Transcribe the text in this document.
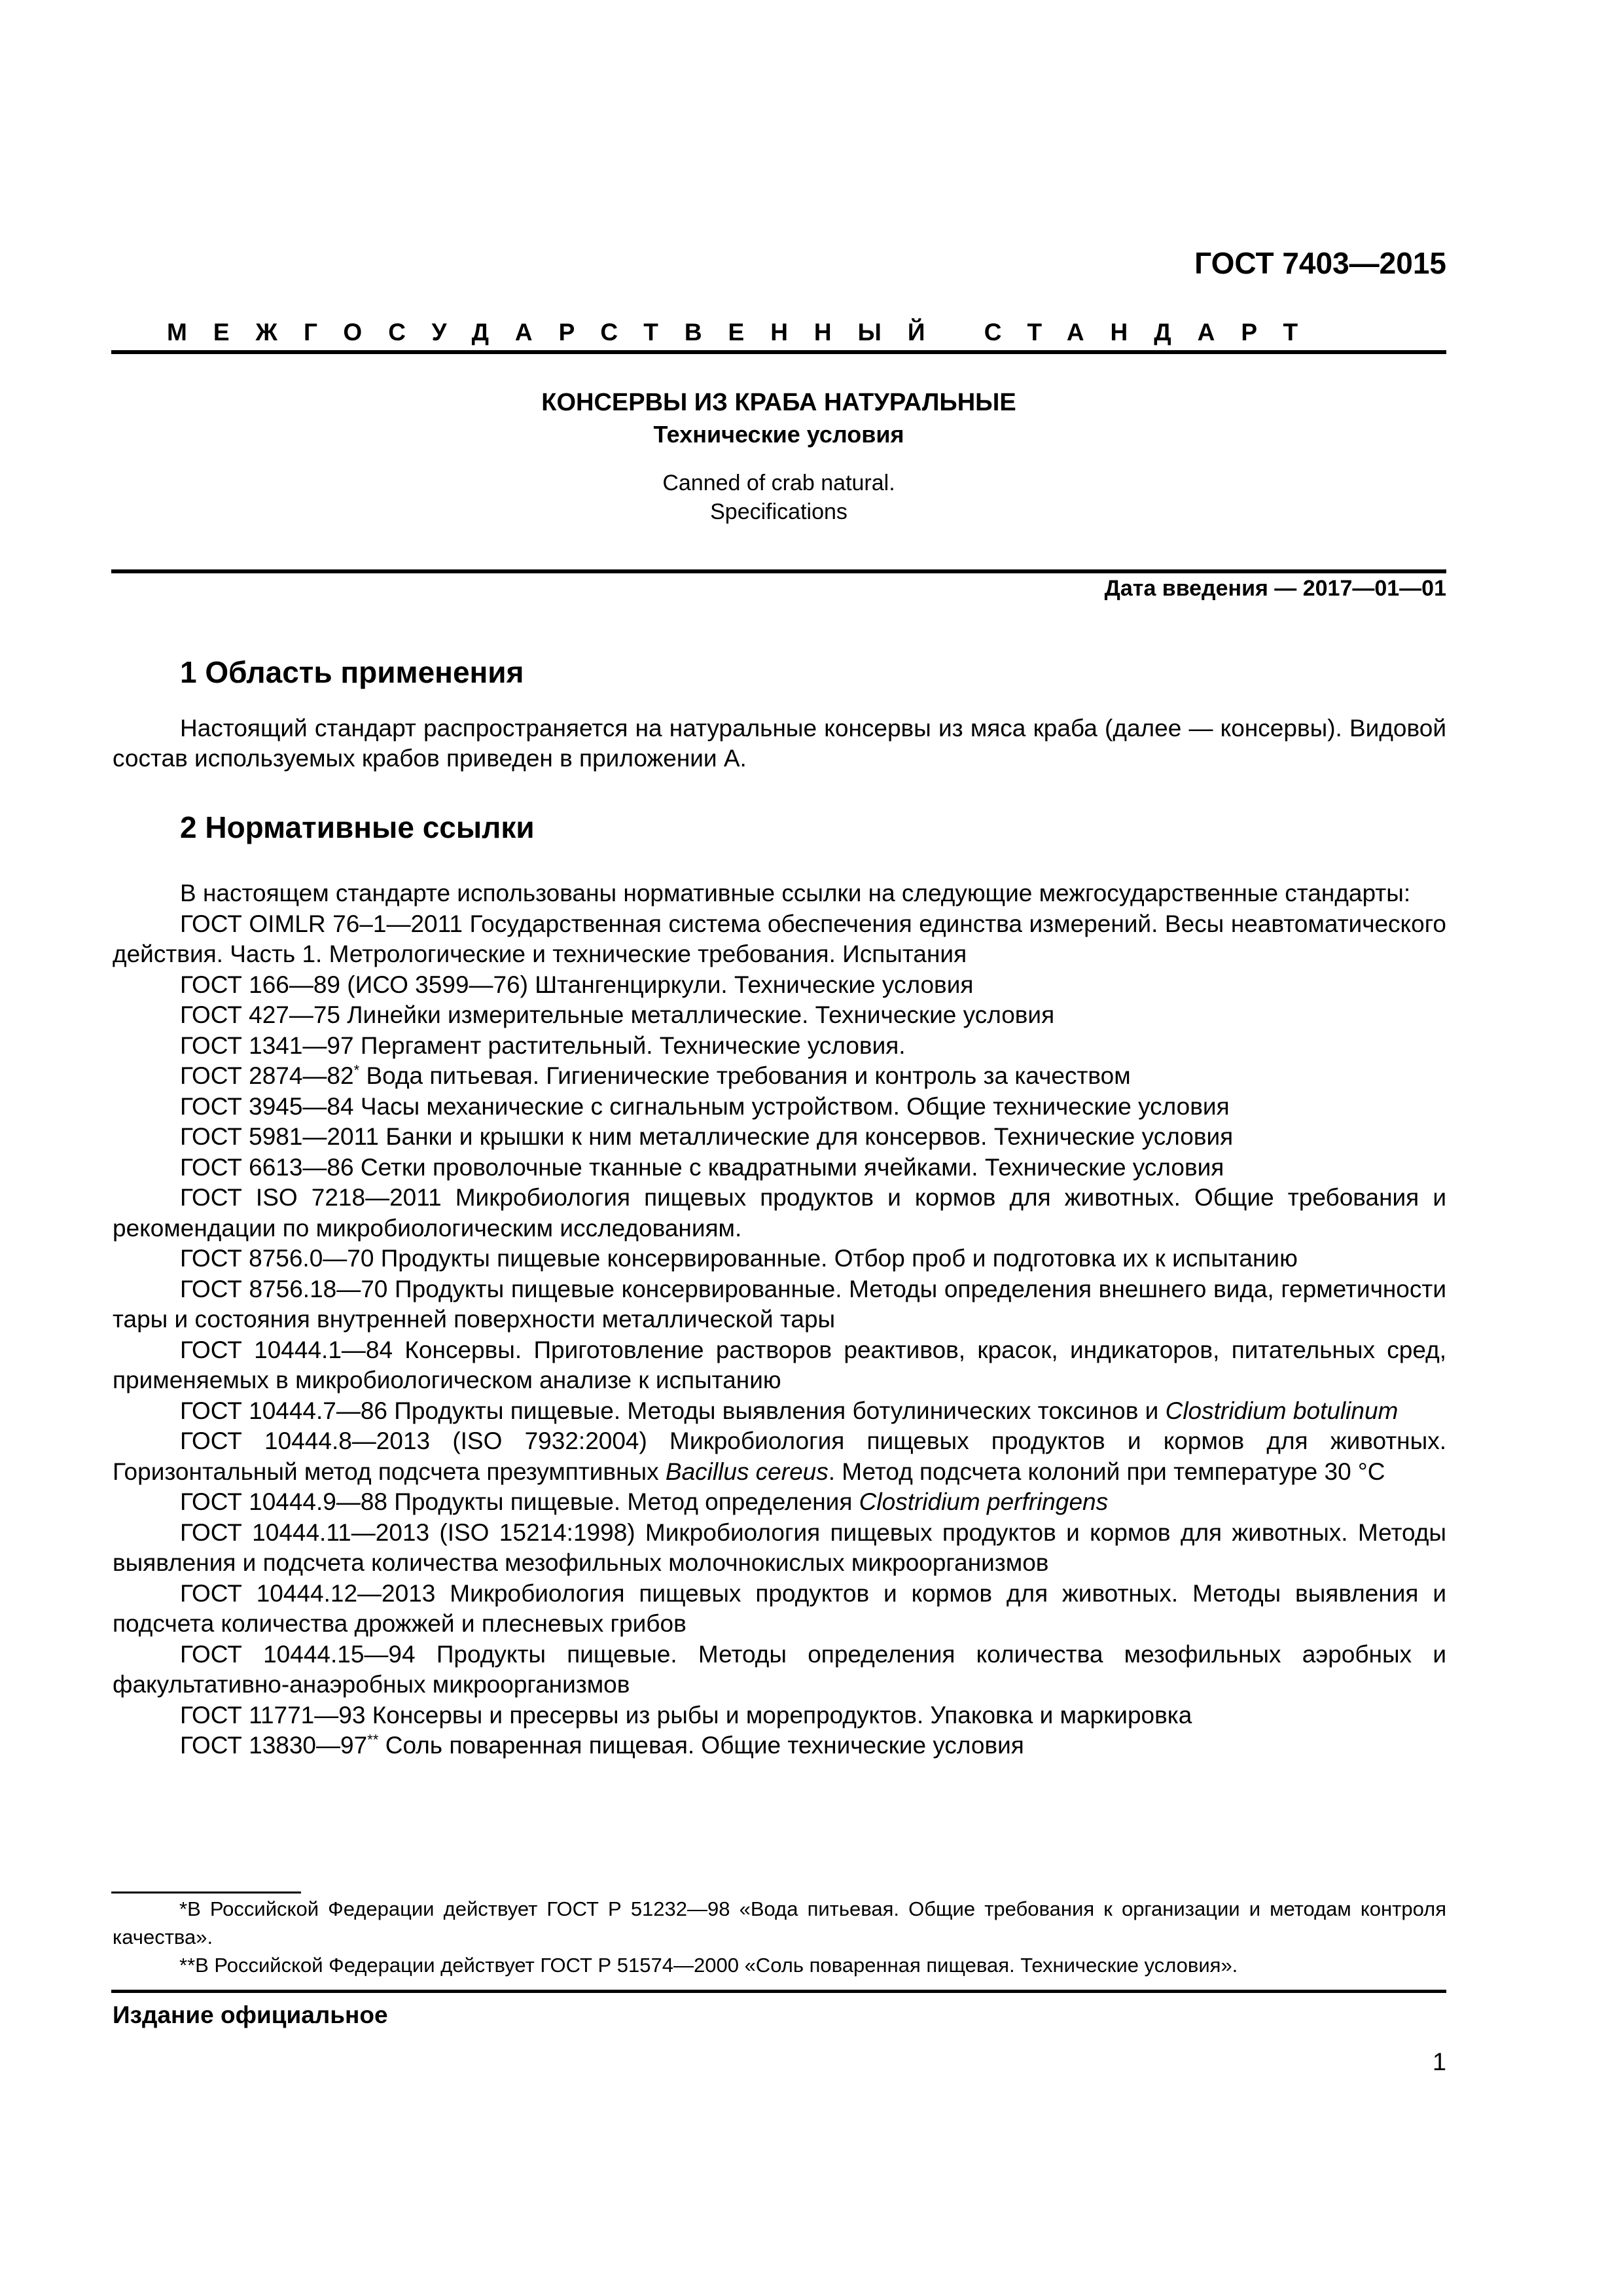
ГОСТ 7403—2015
МЕЖГОСУДАРСТВЕННЫЙ СТАНДАРТ
КОНСЕРВЫ ИЗ КРАБА НАТУРАЛЬНЫЕ
Технические условия
Canned of crab natural.
Specifications
Дата введения — 2017—01—01
1 Область применения

Настоящий стандарт распространяется на натуральные консервы из мяса краба (далее — консервы). Видовой состав используемых крабов приведен в приложении А.

2 Нормативные ссылки

В настоящем стандарте использованы нормативные ссылки на следующие межгосударственные стандарты:

ГОСТ OIMLR 76–1—2011 Государственная система обеспечения единства измерений. Весы неавтоматического действия. Часть 1. Метрологические и технические требования. Испытания

ГОСТ 166—89 (ИСО 3599—76) Штангенциркули. Технические условия

ГОСТ 427—75 Линейки измерительные металлические. Технические условия

ГОСТ 1341—97 Пергамент растительный. Технические условия.

ГОСТ 2874—82* Вода питьевая. Гигиенические требования и контроль за качеством

ГОСТ 3945—84 Часы механические с сигнальным устройством. Общие технические условия

ГОСТ 5981—2011 Банки и крышки к ним металлические для консервов. Технические условия

ГОСТ 6613—86 Сетки проволочные тканные с квадратными ячейками. Технические условия

ГОСТ ISO 7218—2011 Микробиология пищевых продуктов и кормов для животных. Общие требования и рекомендации по микробиологическим исследованиям.

ГОСТ 8756.0—70 Продукты пищевые консервированные. Отбор проб и подготовка их к испытанию

ГОСТ 8756.18—70 Продукты пищевые консервированные. Методы определения внешнего вида, герметичности тары и состояния внутренней поверхности металлической тары

ГОСТ 10444.1—84 Консервы. Приготовление растворов реактивов, красок, индикаторов, питательных сред, применяемых в микробиологическом анализе к испытанию

ГОСТ 10444.7—86 Продукты пищевые. Методы выявления ботулинических токсинов и Clostridium botulinum

ГОСТ 10444.8—2013 (ISO 7932:2004) Микробиология пищевых продуктов и кормов для животных. Горизонтальный метод подсчета презумптивных Bacillus cereus. Метод подсчета колоний при температуре 30 °С

ГОСТ 10444.9—88 Продукты пищевые. Метод определения Clostridium perfringens

ГОСТ 10444.11—2013 (ISO 15214:1998) Микробиология пищевых продуктов и кормов для животных. Методы выявления и подсчета количества мезофильных молочнокислых микроорганизмов

ГОСТ 10444.12—2013 Микробиология пищевых продуктов и кормов для животных. Методы выявления и подсчета количества дрожжей и плесневых грибов

ГОСТ 10444.15—94 Продукты пищевые. Методы определения количества мезофильных аэробных и факультативно-анаэробных микроорганизмов

ГОСТ 11771—93 Консервы и пресервы из рыбы и морепродуктов. Упаковка и маркировка

ГОСТ 13830—97** Соль поваренная пищевая. Общие технические условия

*В Российской Федерации действует ГОСТ Р 51232—98 «Вода питьевая. Общие требования к организации и методам контроля качества».

**В Российской Федерации действует ГОСТ Р 51574—2000 «Соль поваренная пищевая. Технические условия».

Издание официальное
1
